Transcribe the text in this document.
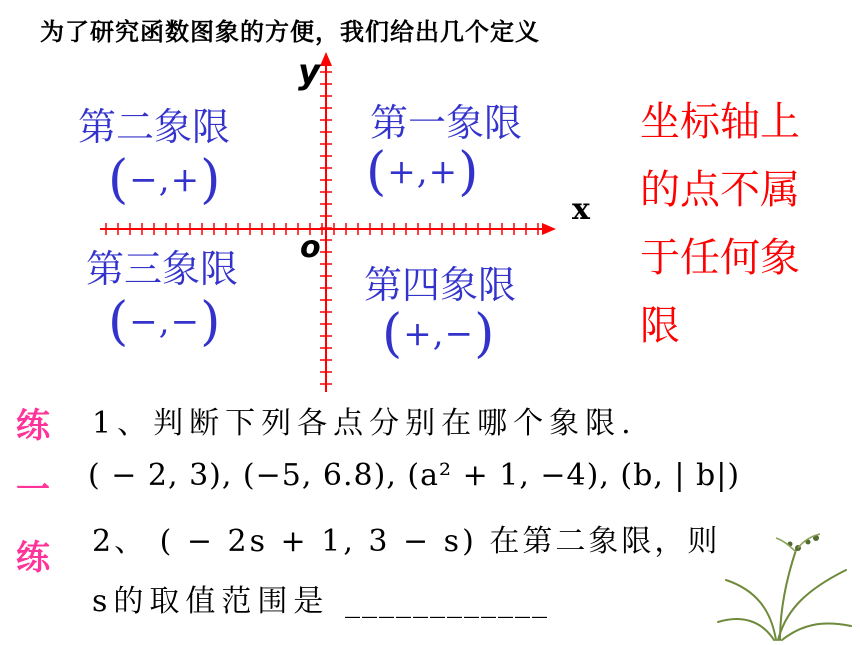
为了研究函数图象的方便，我们给出几个定义
y
x
o
第二象限
(−,+)
第一象限
(+,+)
第三象限
(−,−)
第四象限
(+,−)
坐标轴上的点不属于任何象限
练
一
练
1、判断下列各点分别在哪个象限.
( − 2, 3), (−5, 6.8), (a² + 1, −4), (b, | b|)
2、 ( − 2s + 1, 3 − s) 在第二象限，则
s的取值范围是 ____________
